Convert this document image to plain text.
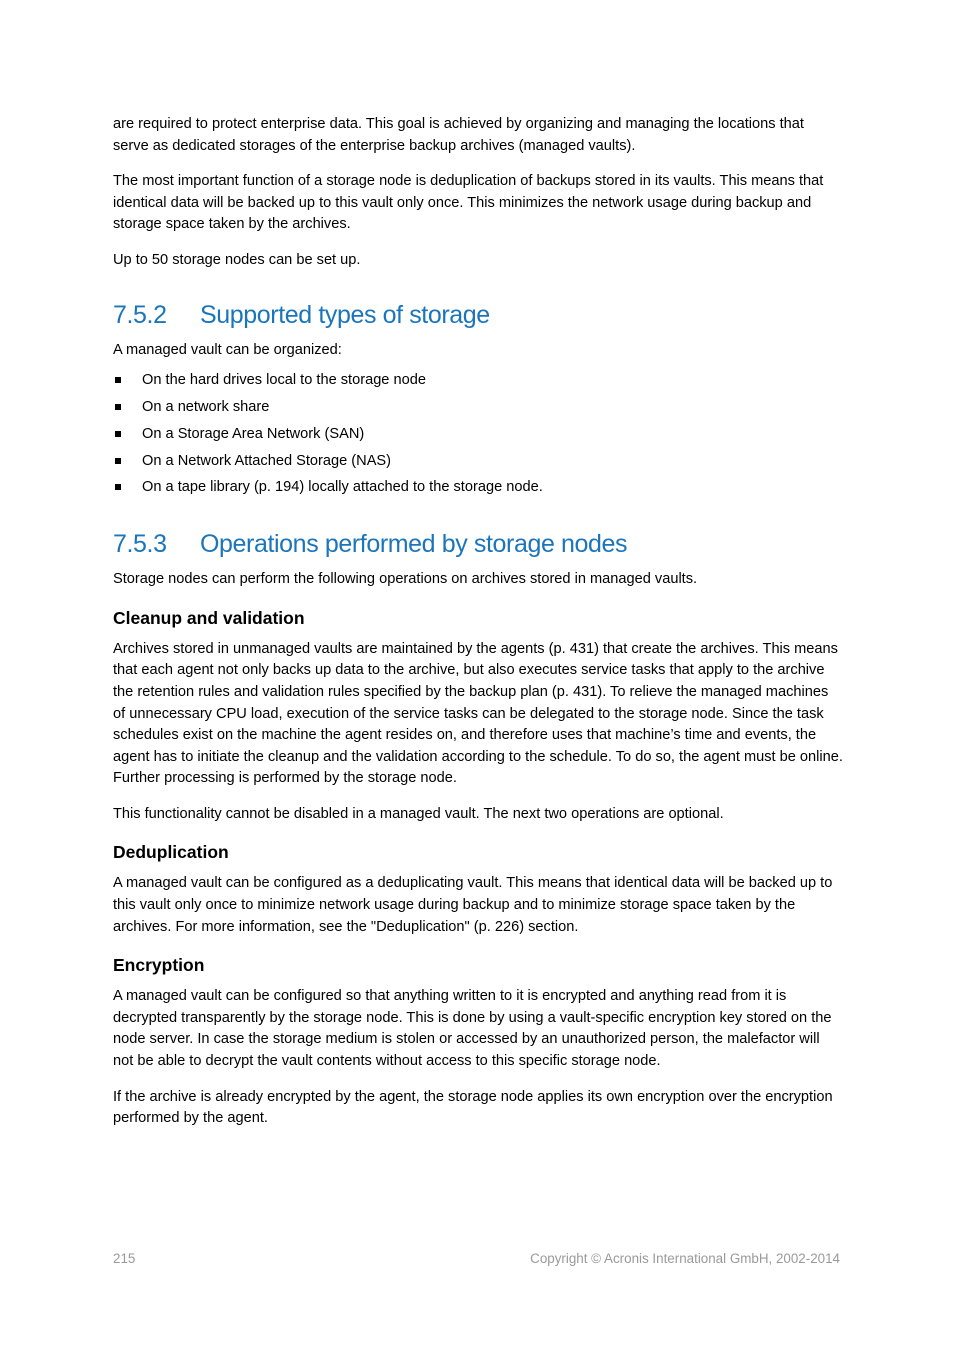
are required to protect enterprise data. This goal is achieved by organizing and managing the locations that serve as dedicated storages of the enterprise backup archives (managed vaults).

The most important function of a storage node is deduplication of backups stored in its vaults. This means that identical data will be backed up to this vault only once. This minimizes the network usage during backup and storage space taken by the archives.

Up to 50 storage nodes can be set up.

7.5.2	Supported types of storage

A managed vault can be organized:

On the hard drives local to the storage node
On a network share
On a Storage Area Network (SAN)
On a Network Attached Storage (NAS)
On a tape library (p. 194) locally attached to the storage node.
7.5.3	Operations performed by storage nodes

Storage nodes can perform the following operations on archives stored in managed vaults.

Cleanup and validation

Archives stored in unmanaged vaults are maintained by the agents (p. 431) that create the archives. This means that each agent not only backs up data to the archive, but also executes service tasks that apply to the archive the retention rules and validation rules specified by the backup plan (p. 431). To relieve the managed machines of unnecessary CPU load, execution of the service tasks can be delegated to the storage node. Since the task schedules exist on the machine the agent resides on, and therefore uses that machine’s time and events, the agent has to initiate the cleanup and the validation according to the schedule. To do so, the agent must be online. Further processing is performed by the storage node.

This functionality cannot be disabled in a managed vault. The next two operations are optional.

Deduplication

A managed vault can be configured as a deduplicating vault. This means that identical data will be backed up to this vault only once to minimize network usage during backup and to minimize storage space taken by the archives. For more information, see the "Deduplication" (p. 226) section.

Encryption

A managed vault can be configured so that anything written to it is encrypted and anything read from it is decrypted transparently by the storage node. This is done by using a vault-specific encryption key stored on the node server. In case the storage medium is stolen or accessed by an unauthorized person, the malefactor will not be able to decrypt the vault contents without access to this specific storage node.

If the archive is already encrypted by the agent, the storage node applies its own encryption over the encryption performed by the agent.

215	Copyright © Acronis International GmbH, 2002-2014
